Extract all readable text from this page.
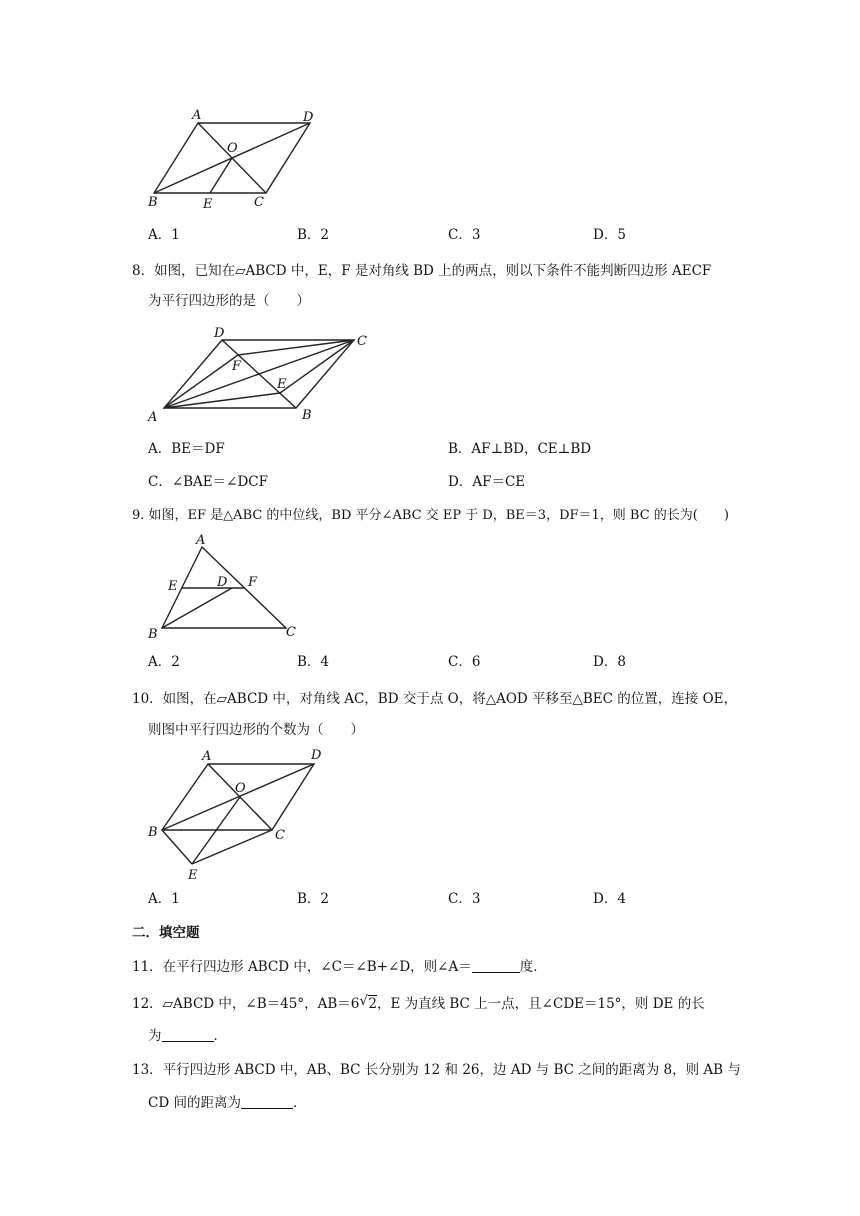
A	D
O
B	E	C
A．1	B．2	C．3	D．5
8．如图，已知在▱ABCD 中，E，F 是对角线 BD 上的两点，则以下条件不能判断四边形 AECF
为平行四边形的是（　　）
D
C
F
E
A	B
A．BE＝DF	B．AF⊥BD，CE⊥BD
C．∠BAE＝∠DCF	D．AF＝CE
9. 如图，EF 是△ABC 的中位线，BD 平分∠ABC 交 EP 于 D，BE＝3，DF＝1，则 BC 的长为(　　)
A
E	D F
B	C
A．2	B．4	C．6	D．8
10．如图，在▱ABCD 中，对角线 AC，BD 交于点 O，将△AOD 平移至△BEC 的位置，连接 OE，
则图中平行四边形的个数为（　　）
A	D
O
B	C
E
A．1	B．2	C．3	D．4
二．填空题
11．在平行四边形 ABCD 中，∠C＝∠B+∠D，则∠A＝	度．
12．▱ABCD 中，∠B＝45°，AB＝6 √ 2，E 为直线 BC 上一点，且∠CDE＝15°，则 DE 的长
为	．
13．平行四边形 ABCD 中，AB、BC 长分别为 12 和 26，边 AD 与 BC 之间的距离为 8，则 AB 与
CD 间的距离为	．
